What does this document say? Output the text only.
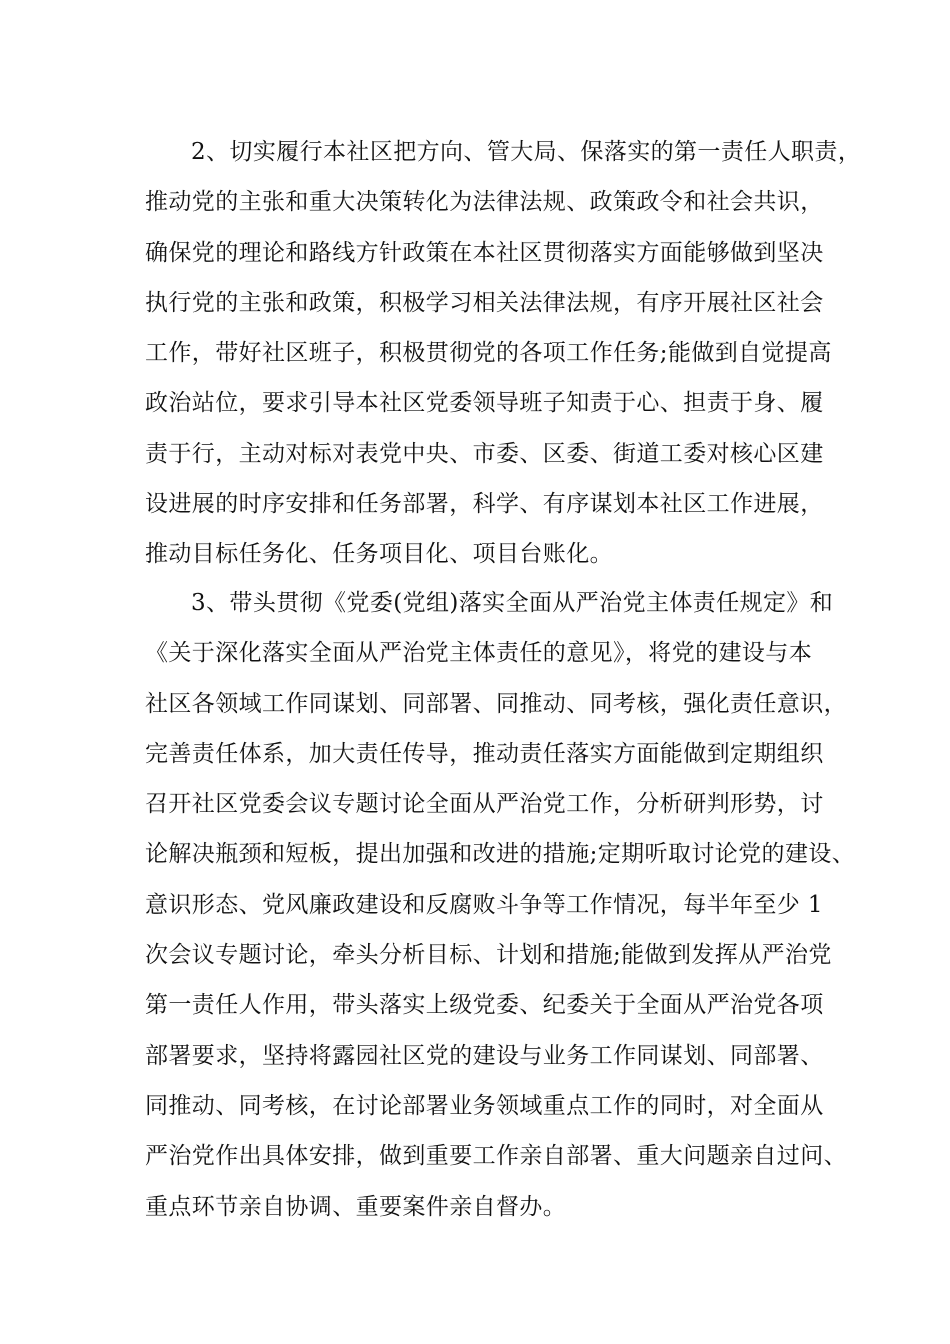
2、切实履行本社区把方向、管大局、保落实的第一责任人职责，
推动党的主张和重大决策转化为法律法规、政策政令和社会共识，
确保党的理论和路线方针政策在本社区贯彻落实方面能够做到坚决
执行党的主张和政策，积极学习相关法律法规，有序开展社区社会
工作，带好社区班子，积极贯彻党的各项工作任务;能做到自觉提高
政治站位，要求引导本社区党委领导班子知责于心、担责于身、履
责于行，主动对标对表党中央、市委、区委、街道工委对核心区建
设进展的时序安排和任务部署，科学、有序谋划本社区工作进展，
推动目标任务化、任务项目化、项目台账化。
3、带头贯彻《党委(党组)落实全面从严治党主体责任规定》和
《关于深化落实全面从严治党主体责任的意见》，将党的建设与本
社区各领域工作同谋划、同部署、同推动、同考核，强化责任意识，
完善责任体系，加大责任传导，推动责任落实方面能做到定期组织
召开社区党委会议专题讨论全面从严治党工作，分析研判形势，讨
论解决瓶颈和短板，提出加强和改进的措施;定期听取讨论党的建设、
意识形态、党风廉政建设和反腐败斗争等工作情况，每半年至少 1
次会议专题讨论，牵头分析目标、计划和措施;能做到发挥从严治党
第一责任人作用，带头落实上级党委、纪委关于全面从严治党各项
部署要求，坚持将露园社区党的建设与业务工作同谋划、同部署、
同推动、同考核，在讨论部署业务领域重点工作的同时，对全面从
严治党作出具体安排，做到重要工作亲自部署、重大问题亲自过问、
重点环节亲自协调、重要案件亲自督办。
